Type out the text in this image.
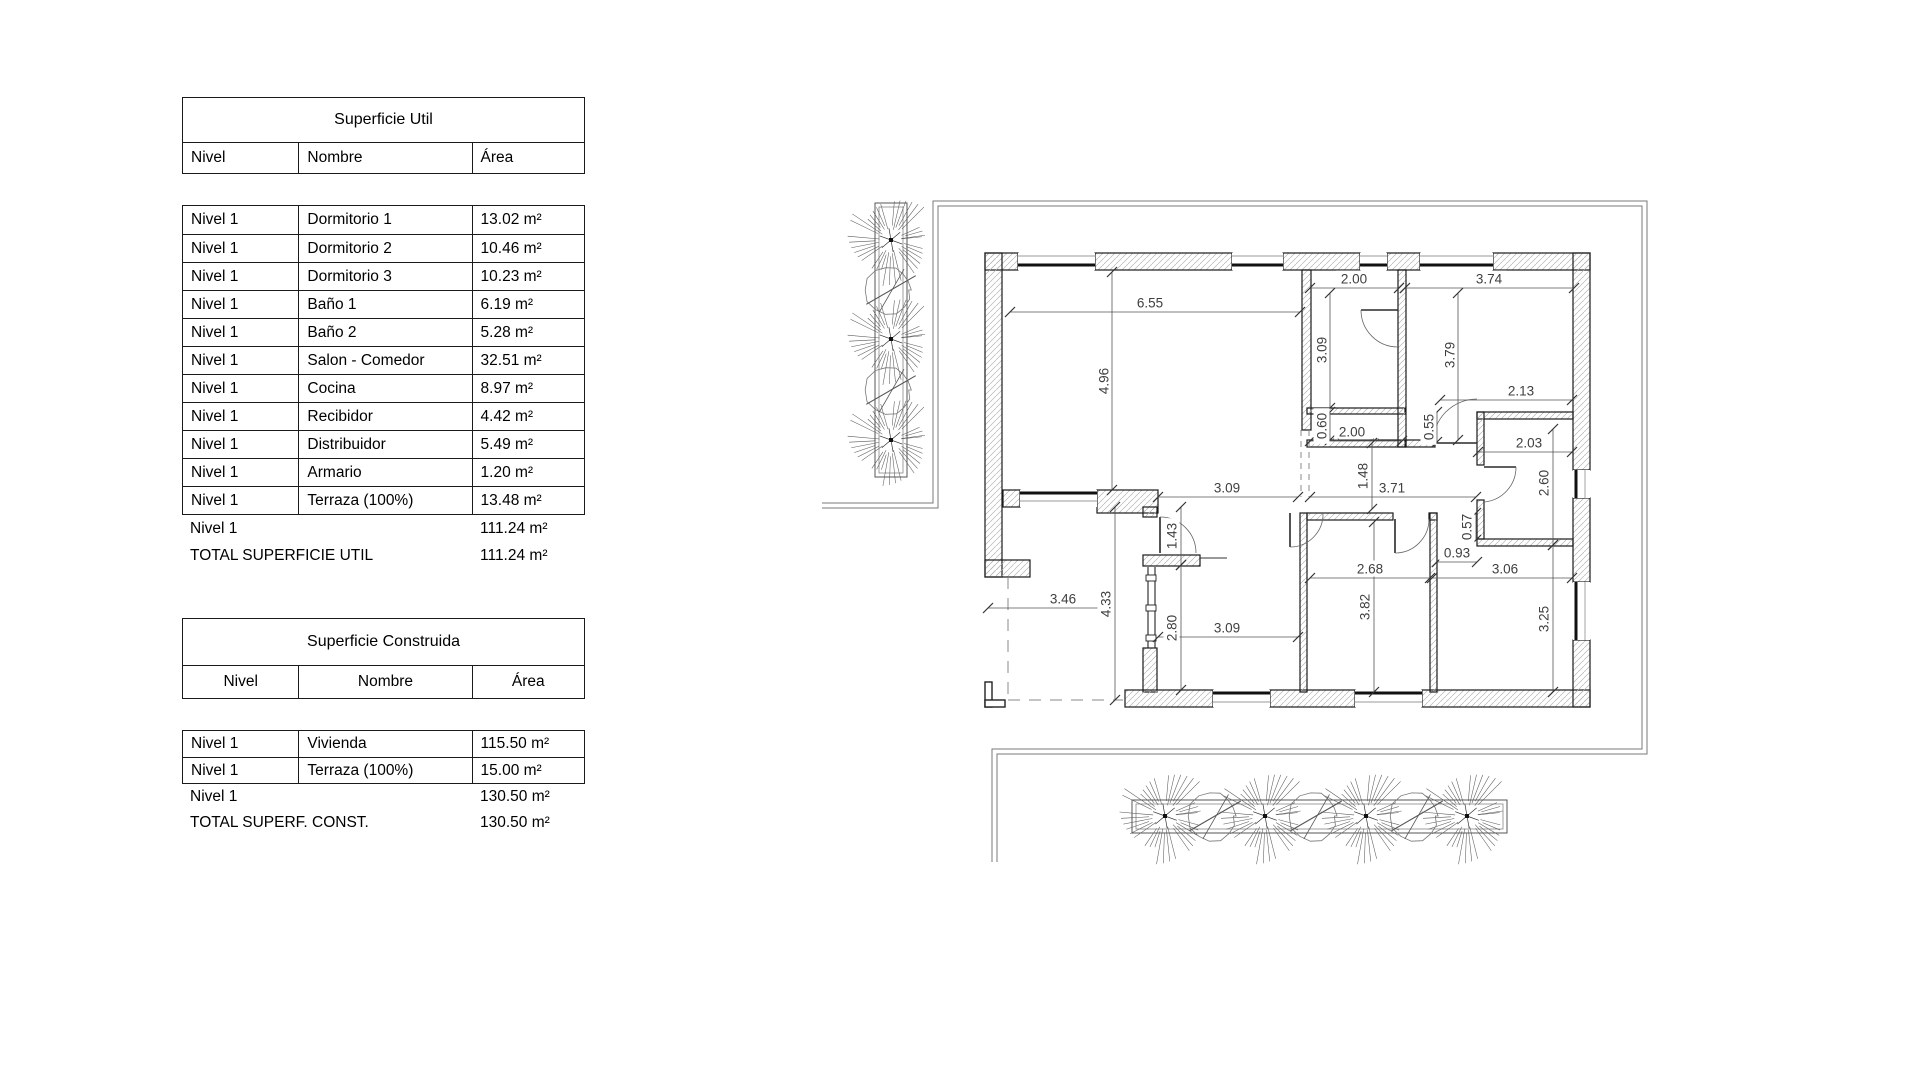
Superficie Util
Nivel	Nombre	Área
Nivel 1	Dormitorio 1	13.02 m²
Nivel 1	Dormitorio 2	10.46 m²
Nivel 1	Dormitorio 3	10.23 m²
Nivel 1	Baño 1	6.19 m²
Nivel 1	Baño 2	5.28 m²
Nivel 1	Salon - Comedor	32.51 m²
Nivel 1	Cocina	8.97 m²
Nivel 1	Recibidor	4.42 m²
Nivel 1	Distribuidor	5.49 m²
Nivel 1	Armario	1.20 m²
Nivel 1	Terraza (100%)	13.48 m²
Nivel 1	111.24 m²
TOTAL SUPERFICIE UTIL	111.24 m²
Superficie Construida
Nivel	Nombre	Área
Nivel 1	Vivienda	115.50 m²
Nivel 1	Terraza (100%)	15.00 m²
Nivel 1	130.50 m²
TOTAL SUPERF. CONST.	130.50 m²
6.55
2.00	3.74
2.13
2.00
2.03
3.09	3.71
3.46
2.68
0.93
3.06
3.09
4.96
3.09	3.79
0.60	0.55
1.48	2.60
0.57
3.82	3.25
4.33
2.80
1.43
↔ ↔
